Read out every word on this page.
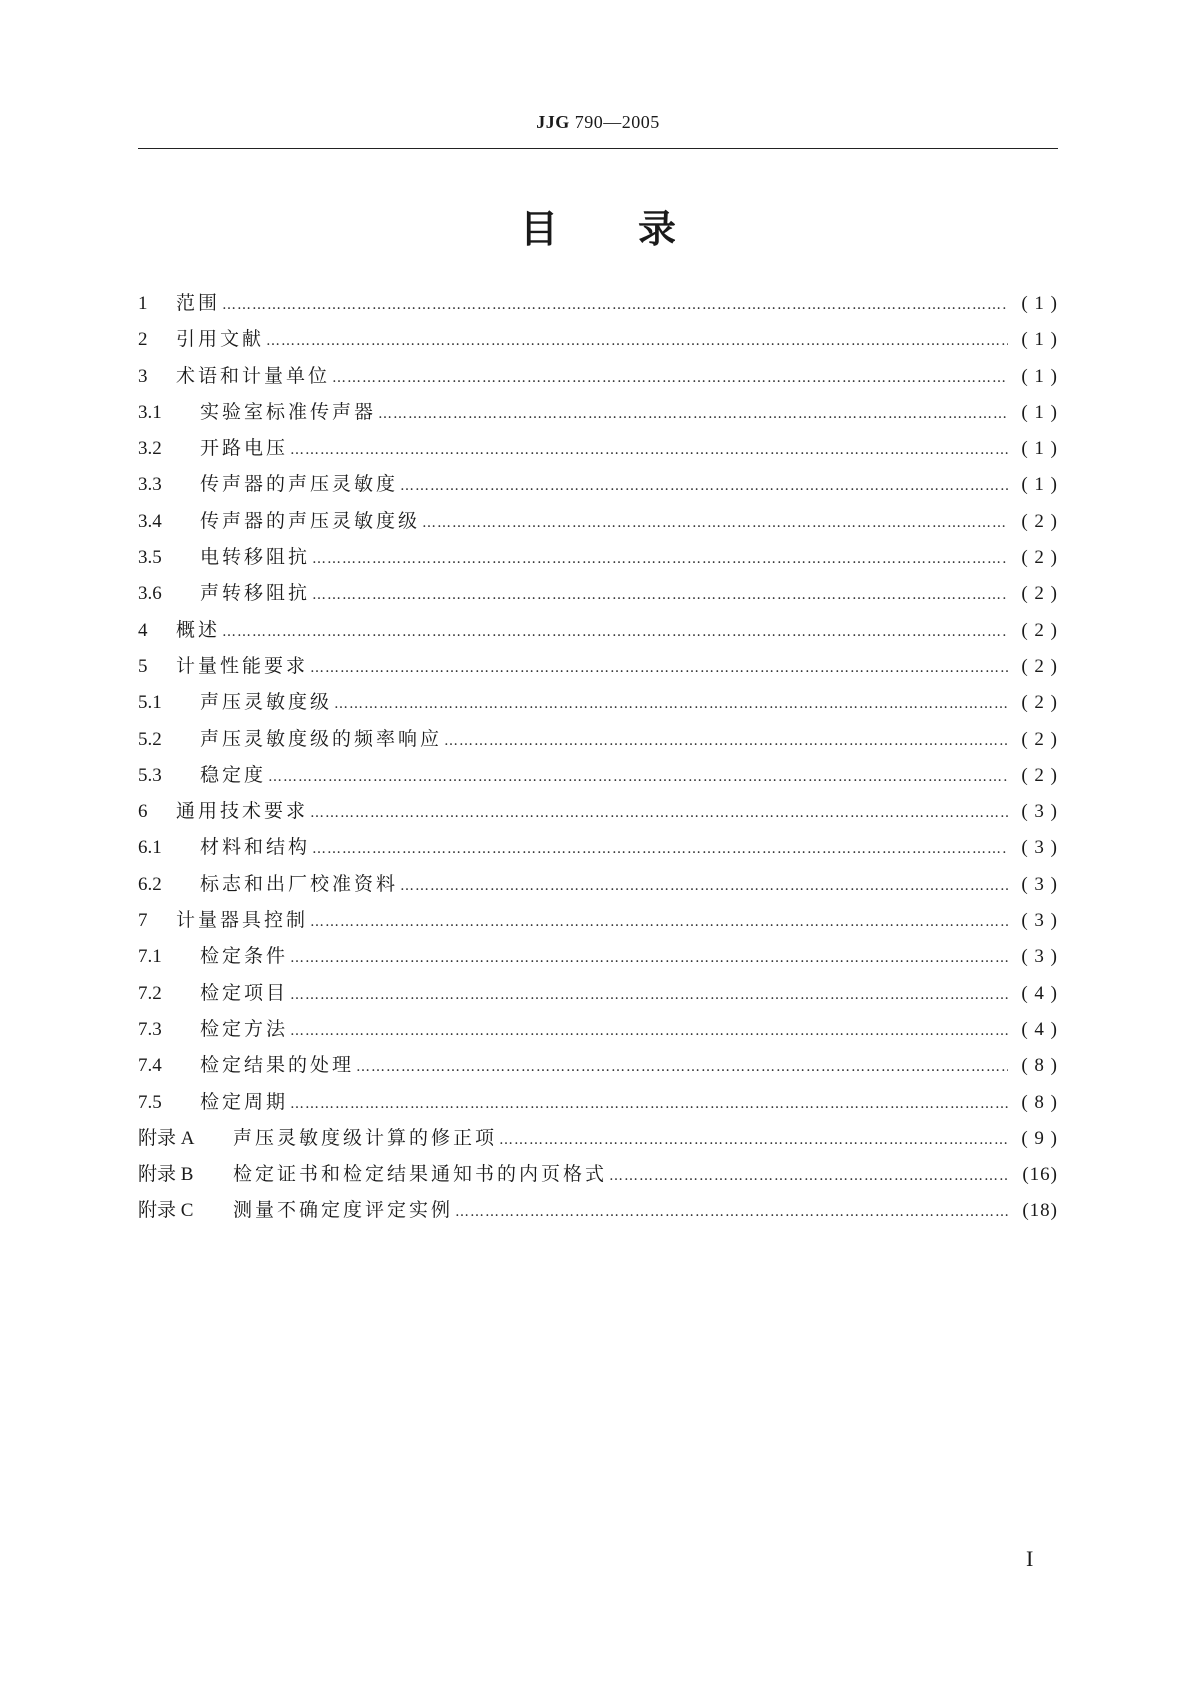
JJG 790—2005
目录
1	范围 ……………………………………………………………………………………………………………………………………………………………………………………………………………………………………………………………………	( 1 )
2	引用文献 ……………………………………………………………………………………………………………………………………………………………………………………………………………………………………………………………………	( 1 )
3	术语和计量单位 ……………………………………………………………………………………………………………………………………………………………………………………………………………………………………………………………………	( 1 )
3.1	实验室标准传声器 ……………………………………………………………………………………………………………………………………………………………………………………………………………………………………………………………………	( 1 )
3.2	开路电压 ……………………………………………………………………………………………………………………………………………………………………………………………………………………………………………………………………	( 1 )
3.3	传声器的声压灵敏度 ……………………………………………………………………………………………………………………………………………………………………………………………………………………………………………………………………	( 1 )
3.4	传声器的声压灵敏度级 ……………………………………………………………………………………………………………………………………………………………………………………………………………………………………………………………………	( 2 )
3.5	电转移阻抗 ……………………………………………………………………………………………………………………………………………………………………………………………………………………………………………………………………	( 2 )
3.6	声转移阻抗 ……………………………………………………………………………………………………………………………………………………………………………………………………………………………………………………………………	( 2 )
4	概述 ……………………………………………………………………………………………………………………………………………………………………………………………………………………………………………………………………	( 2 )
5	计量性能要求 ……………………………………………………………………………………………………………………………………………………………………………………………………………………………………………………………………	( 2 )
5.1	声压灵敏度级 ……………………………………………………………………………………………………………………………………………………………………………………………………………………………………………………………………	( 2 )
5.2	声压灵敏度级的频率响应 ……………………………………………………………………………………………………………………………………………………………………………………………………………………………………………………………………	( 2 )
5.3	稳定度 ……………………………………………………………………………………………………………………………………………………………………………………………………………………………………………………………………	( 2 )
6	通用技术要求 ……………………………………………………………………………………………………………………………………………………………………………………………………………………………………………………………………	( 3 )
6.1	材料和结构 ……………………………………………………………………………………………………………………………………………………………………………………………………………………………………………………………………	( 3 )
6.2	标志和出厂校准资料 ……………………………………………………………………………………………………………………………………………………………………………………………………………………………………………………………………	( 3 )
7	计量器具控制 ……………………………………………………………………………………………………………………………………………………………………………………………………………………………………………………………………	( 3 )
7.1	检定条件 ……………………………………………………………………………………………………………………………………………………………………………………………………………………………………………………………………	( 3 )
7.2	检定项目 ……………………………………………………………………………………………………………………………………………………………………………………………………………………………………………………………………	( 4 )
7.3	检定方法 ……………………………………………………………………………………………………………………………………………………………………………………………………………………………………………………………………	( 4 )
7.4	检定结果的处理 ……………………………………………………………………………………………………………………………………………………………………………………………………………………………………………………………………	( 8 )
7.5	检定周期 ……………………………………………………………………………………………………………………………………………………………………………………………………………………………………………………………………	( 8 )
附录 A	声压灵敏度级计算的修正项 ……………………………………………………………………………………………………………………………………………………………………………………………………………………………………………………………………	( 9 )
附录 B	检定证书和检定结果通知书的内页格式 ……………………………………………………………………………………………………………………………………………………………………………………………………………………………………………………………………	(16)
附录 C	测量不确定度评定实例 ……………………………………………………………………………………………………………………………………………………………………………………………………………………………………………………………………	(18)
I
